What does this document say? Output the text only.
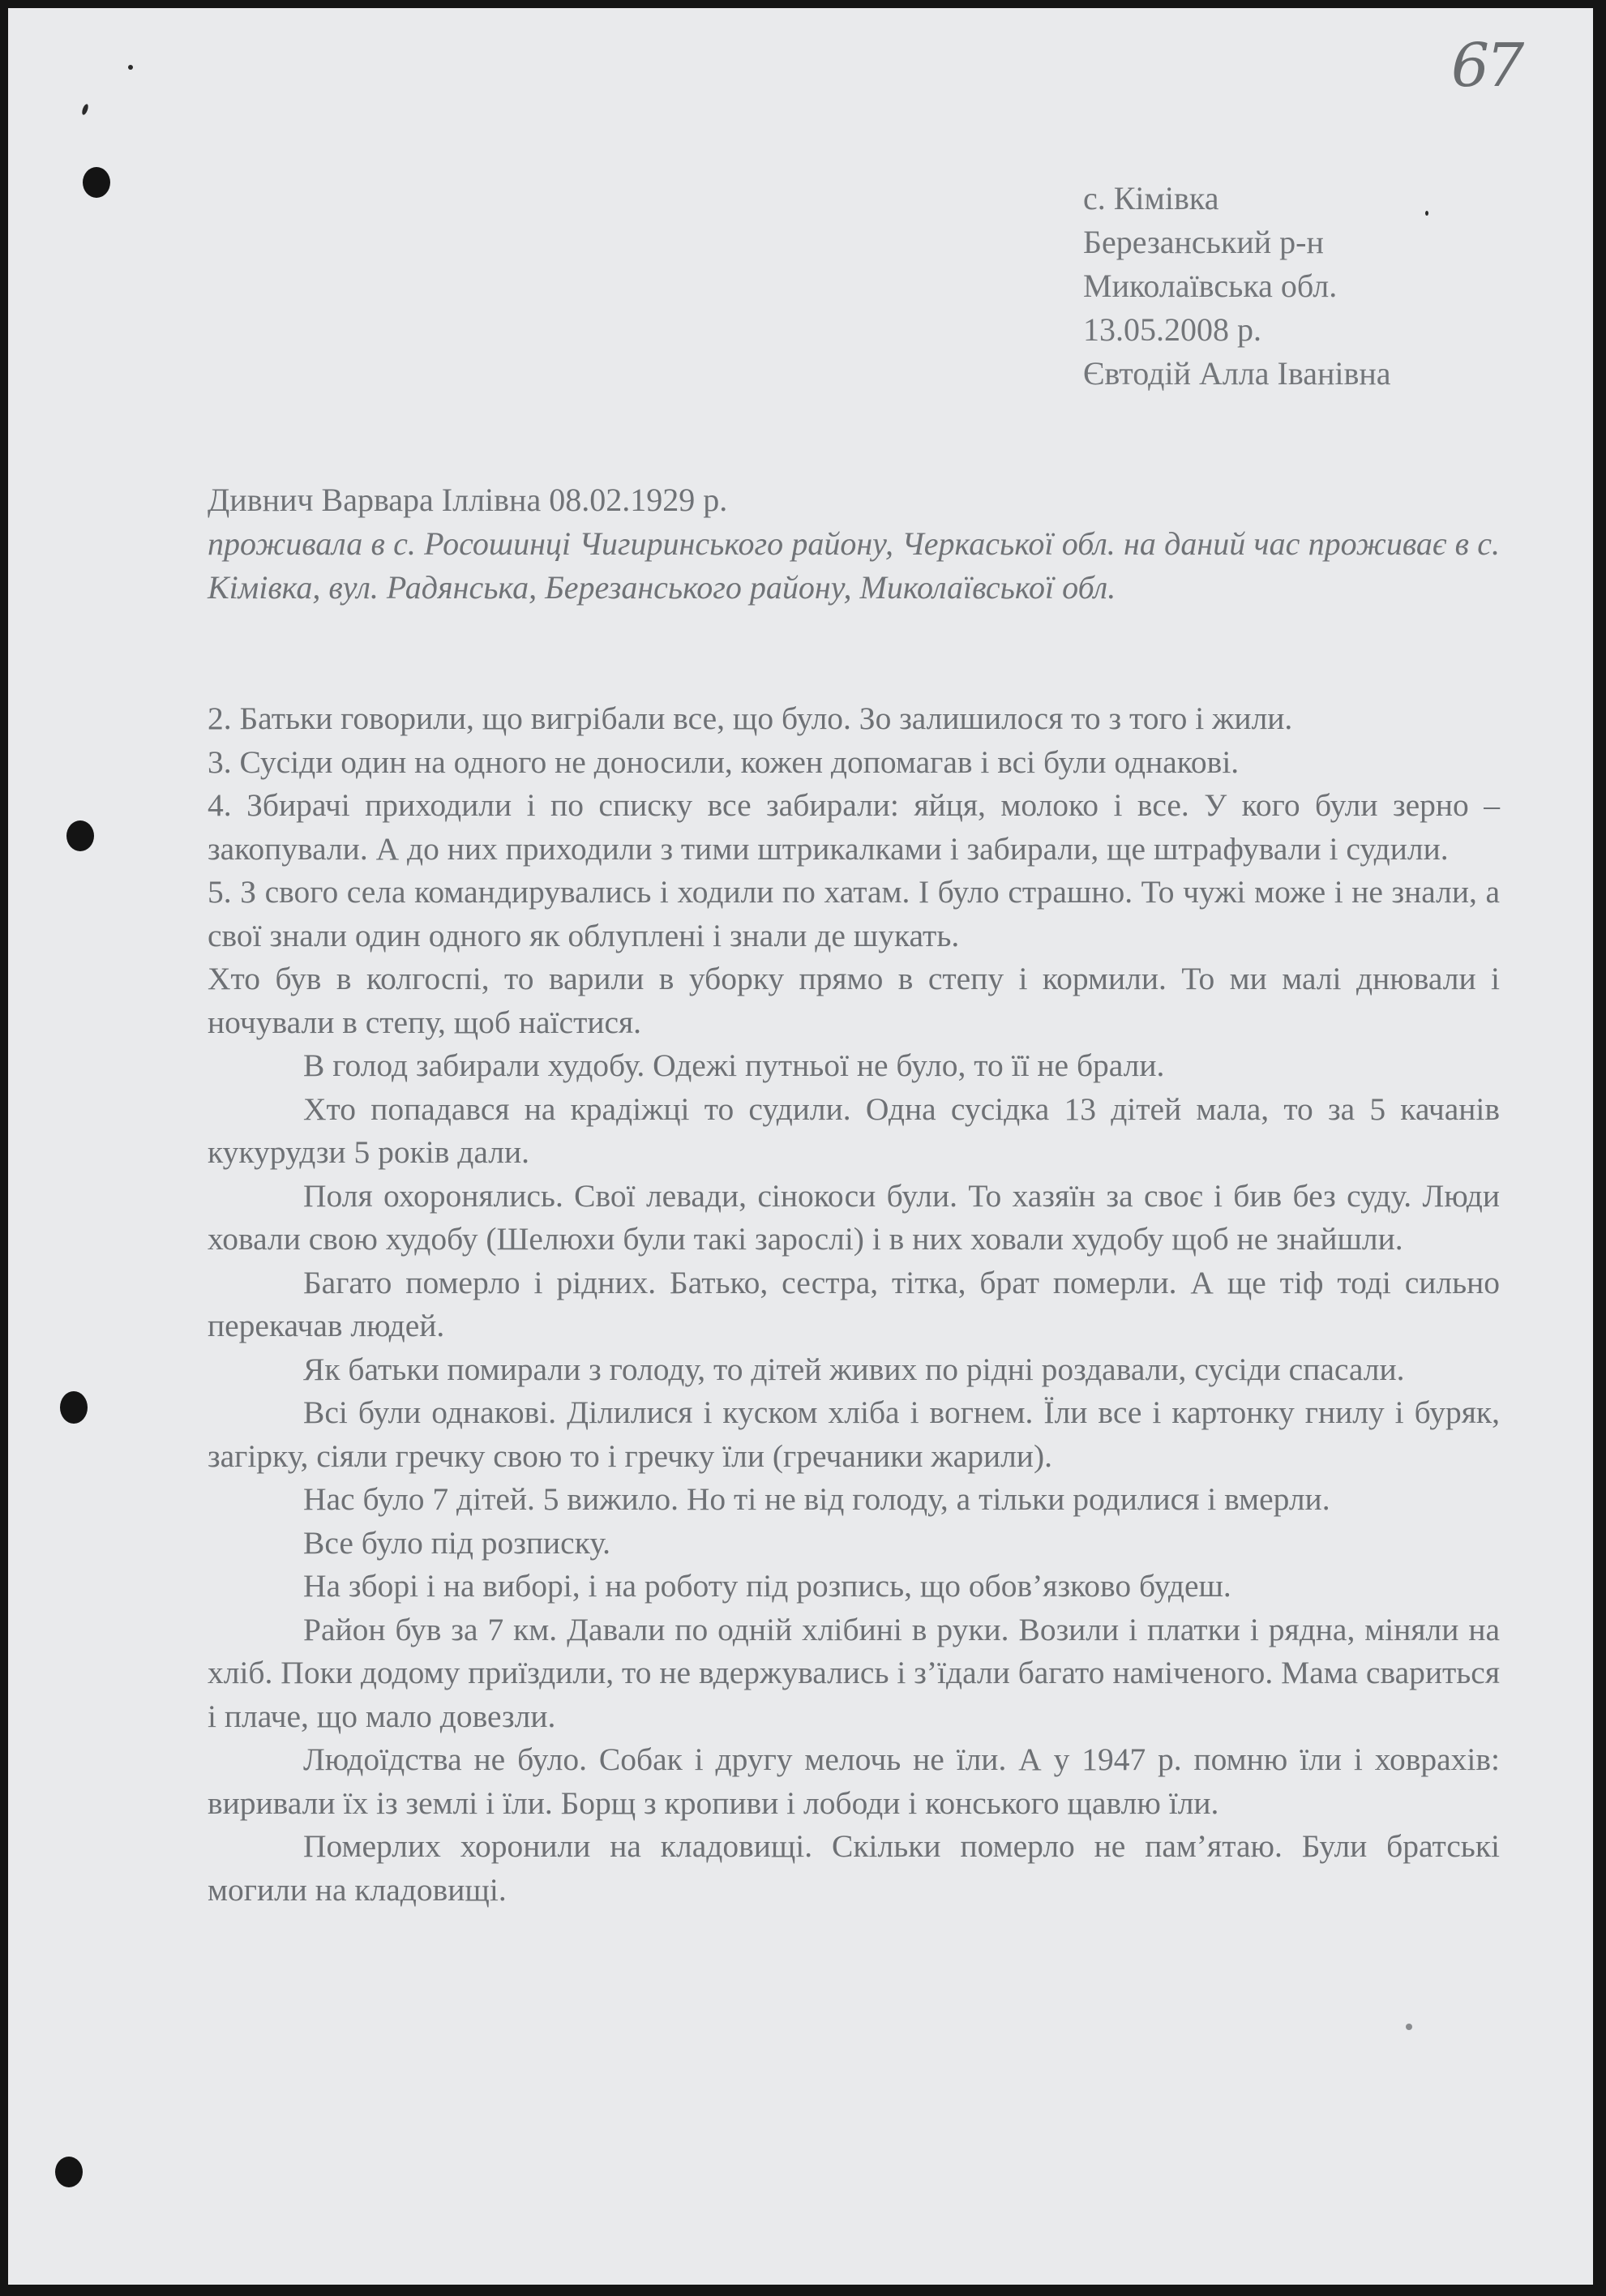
67
с. Кімівка
Березанський р-н
Миколаївська обл.
13.05.2008 р.
Євтодій Алла Іванівна
Дивнич Варвара Іллівна 08.02.1929 р.
проживала в с. Росошинці Чигиринського району, Черкаської обл. на даний час проживає в с. Кімівка, вул. Радянська, Березанського району, Миколаївської обл.

2. Батьки говорили, що вигрібали все, що було. Зо залишилося то з того і жили.

3. Сусіди один на одного не доносили, кожен допомагав і всі були однакові.

4. Збирачі приходили і по списку все забирали: яйця, молоко і все. У кого були зерно – закопували. А до них приходили з тими штрикалками і забирали, ще штрафували і судили.

5. З свого села командирувались і ходили по хатам. І було страшно. То чужі може і не знали, а свої знали один одного як облуплені і знали де шукать.

Хто був в колгоспі, то варили в уборку прямо в степу і кормили. То ми малі днювали і ночували в степу, щоб наїстися.

В голод забирали худобу. Одежі путньої не було, то її не брали.

Хто попадався на крадіжці то судили. Одна сусідка 13 дітей мала, то за 5 качанів кукурудзи 5 років дали.

Поля охоронялись. Свої левади, сінокоси були. То хазяїн за своє і бив без суду. Люди ховали свою худобу (Шелюхи були такі зарослі) і в них ховали худобу щоб не знайшли.

Багато померло і рідних. Батько, сестра, тітка, брат померли. А ще тіф тоді сильно перекачав людей.

Як батьки помирали з голоду, то дітей живих по рідні роздавали, сусіди спасали.

Всі були однакові. Ділилися і куском хліба і вогнем. Їли все і картонку гнилу і буряк, загірку, сіяли гречку свою то і гречку їли (гречаники жарили).

Нас було 7 дітей. 5 вижило. Но ті не від голоду, а тільки родилися і вмерли.

Все було під розписку.

На зборі і на виборі, і на роботу під розпись, що обов’язково будеш.

Район був за 7 км. Давали по одній хлібині в руки. Возили і платки і рядна, міняли на хліб. Поки додому приїздили, то не вдержувались і з’їдали багато наміченого. Мама свариться і плаче, що мало довезли.

Людоїдства не було. Собак і другу мелочь не їли. А у 1947 р. помню їли і ховрахів: виривали їх із землі і їли. Борщ з кропиви і лободи і конського щавлю їли.

Померлих хоронили на кладовищі. Скільки померло не пам’ятаю. Були братські могили на кладовищі.
